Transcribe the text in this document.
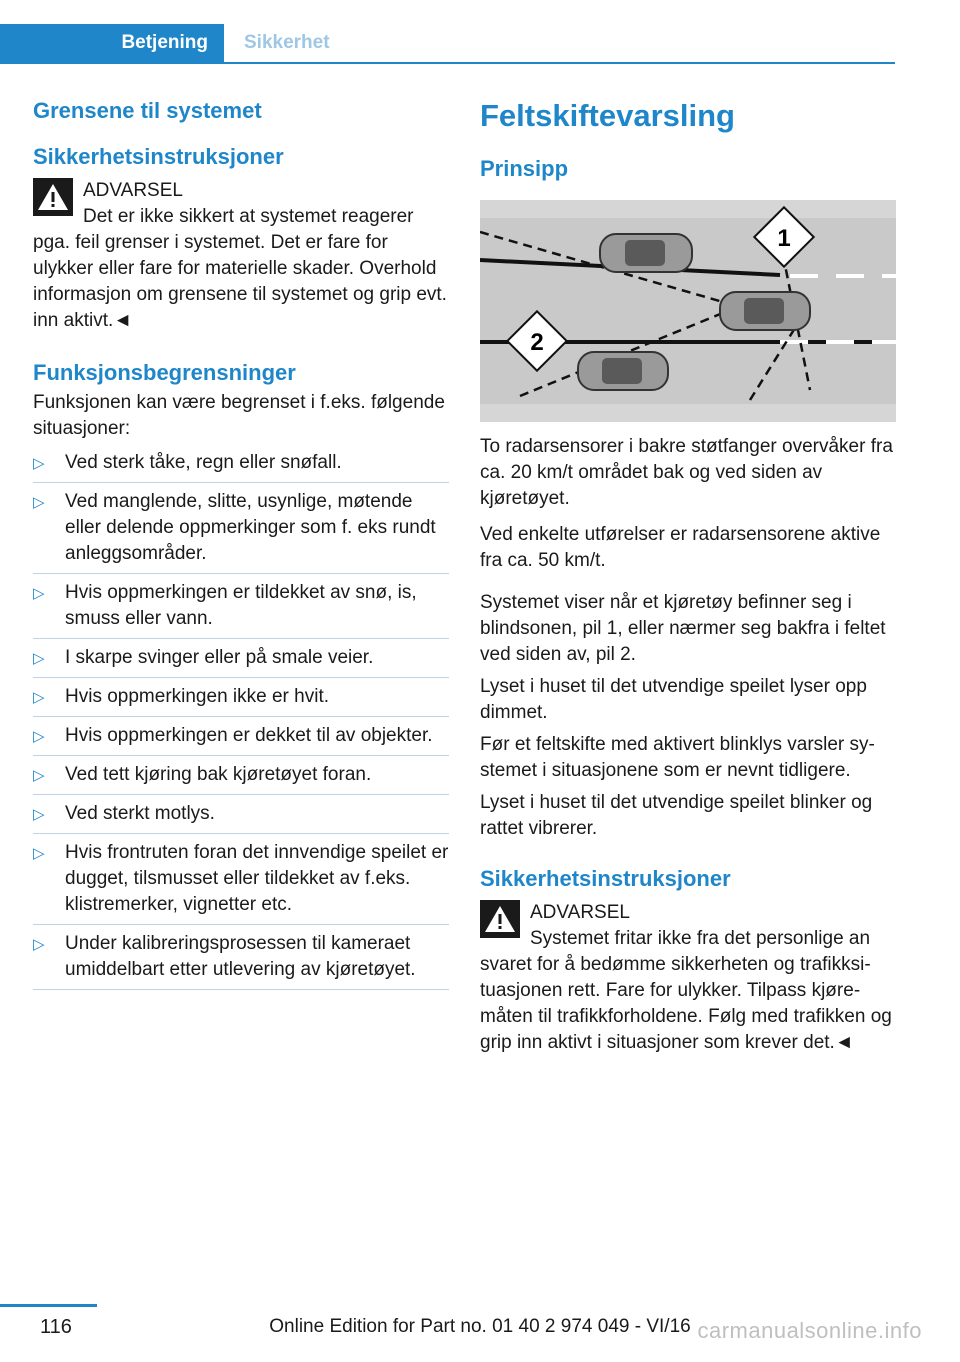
Betjening	Sikkerhet
Grensene til systemet
Sikkerhetsinstruksjoner
ADVARSEL
Det er ikke sikkert at systemet reagerer

pga. feil grenser i systemet. Det er fare for ulykker eller fare for materielle skader. Overhold informasjon om grensene til systemet og grip evt. inn aktivt.◄

Funksjonsbegrensninger

Funksjonen kan være begrenset i f.eks. følgende situasjoner:

▷ Ved sterk tåke, regn eller snøfall.
▷ Ved manglende, slitte, usynlige, møtende eller delende oppmerkinger som f. eks rundt anleggsområder.
▷ Hvis oppmerkingen er tildekket av snø, is, smuss eller vann.
▷ I skarpe svinger eller på smale veier.
▷ Hvis oppmerkingen ikke er hvit.
▷ Hvis oppmerkingen er dekket til av objekter.
▷ Ved tett kjøring bak kjøretøyet foran.
▷ Ved sterkt motlys.
▷ Hvis frontruten foran det innvendige speilet er dugget, tilsmusset eller tildekket av f.eks. klistremerker, vignetter etc.
▷ Under kalibreringsprosessen til kameraet umiddelbart etter utlevering av kjøretøyet.
Feltskiftevarsling
Prinsipp
1
2

To radarsensorer i bakre støtfanger overvåker fra ca. 20 km/t området bak og ved siden av kjøretøyet.

Ved enkelte utførelser er radarsensorene aktive fra ca. 50 km/t.

Systemet viser når et kjøretøy befinner seg i blindsonen, pil 1, eller nærmer seg bakfra i feltet ved siden av, pil 2.

Lyset i huset til det utvendige speilet lyser opp dimmet.

Før et feltskifte med aktivert blinklys varsler systemet i situasjonene som er nevnt tidligere.

Lyset i huset til det utvendige speilet blinker og rattet vibrerer.

Sikkerhetsinstruksjoner
ADVARSEL
Systemet fritar ikke fra det personlige an

svaret for å bedømme sikkerheten og trafikksituasjonen rett. Fare for ulykker. Tilpass kjøremåten til trafikkforholdene. Følg med trafikken og grip inn aktivt i situasjoner som krever det.◄

116	Online Edition for Part no. 01 40 2 974 049 - VI/16 carmanualsonline.info
